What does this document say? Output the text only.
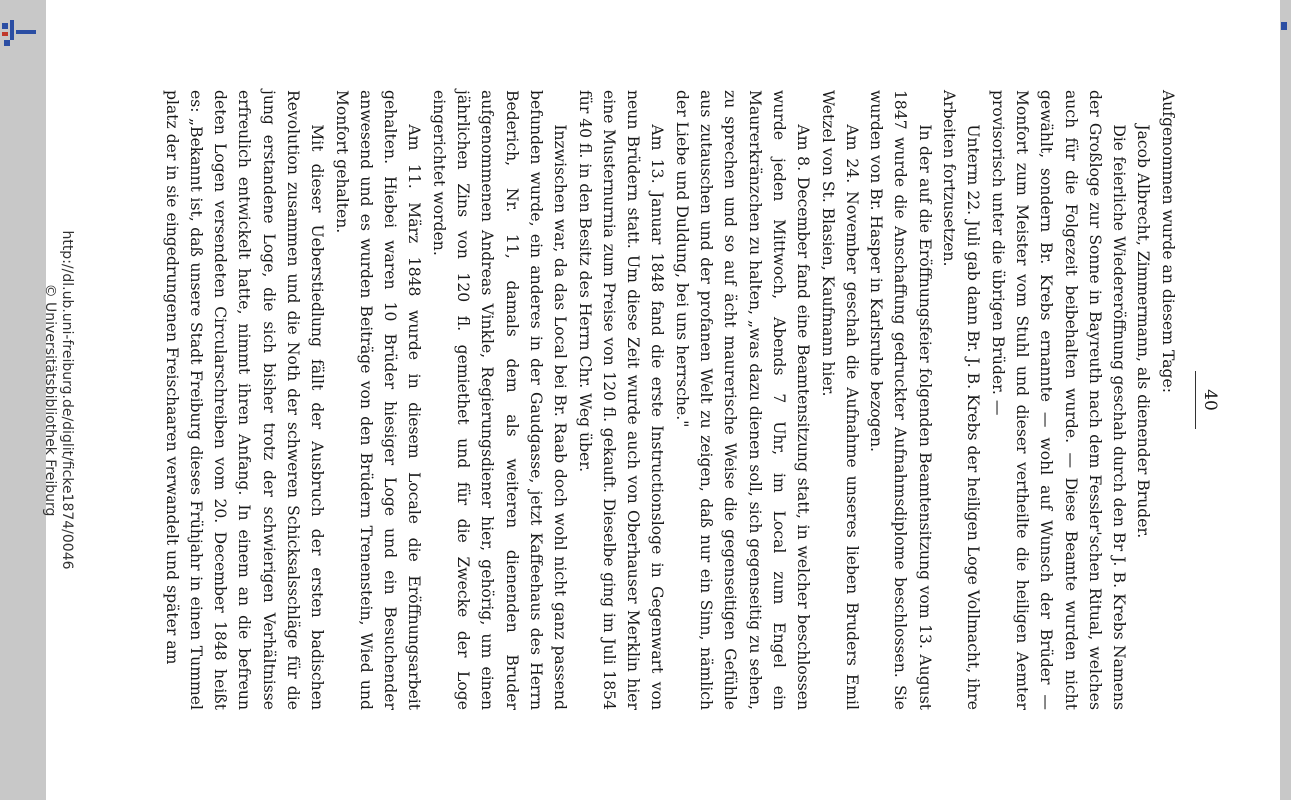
http://dl.ub.uni-freiburg.de/diglit/ficke1874/0046
© Universitätsbibliothek Freiburg	40

Aufgenommen wurde an diesem Tage:

Jacob Albrecht, Zimmermann, als dienender Bruder.

Die feierliche Wiedereröffnung geschah durch den Br J. B. Krebs Namens der Großloge zur Sonne in Bayreuth nach dem Fessler'schen Ritual, welches auch für die Folgezeit beibehalten wurde. — Diese Beamte wurden nicht gewählt, sondern Br. Krebs ernannte — wohl auf Wunsch der Brüder — Monfort zum Meister vom Stuhl und dieser vertheilte die heiligen Aemter provisorisch unter die übrigen Brüder. —

Unterm 22. Juli gab dann Br. J. B. Krebs der heiligen Loge Vollmacht, ihre Arbeiten fortzusetzen.

In der auf die Eröffnungsfeier folgenden Beamtensitzung vom 13. August 1847 wurde die Anschaffung gedruckter Aufnahmsdiplome beschlossen. Sie wurden von Br. Hasper in Karlsruhe bezogen.

Am 24. November geschah die Aufnahme unseres lieben Bruders Emil Wetzel von St. Blasien, Kaufmann hier.

Am 8. December fand eine Beamtensitzung statt, in welcher beschlossen wurde jeden Mittwoch, Abends 7 Uhr, im Local zum Engel ein Maurerkränzchen zu halten, „was dazu dienen soll, sich gegenseitig zu sehen, zu sprechen und so auf ächt maurerische Weise die gegenseitigen Gefühle aus zutauschen und der profanen Welt zu zeigen, daß nur ein Sinn, nämlich der Liebe und Duldung, bei uns herrsche."

Am 13. Januar 1848 fand die erste Instructionsloge in Gegenwart von neun Brüdern statt. Um diese Zeit wurde auch von Oberhauser Merklin hier eine Musternurnia zum Preise von 120 fl. gekauft. Dieselbe ging im Juli 1854 für 40 fl. in den Besitz des Herrn Chr. Weg über.

Inzwischen war, da das Local bei Br. Raab doch wohl nicht ganz passend befunden wurde, ein anderes in der Gaudgasse, jetzt Kaffeehaus des Herrn Bederich, Nr. 11, damals dem als weiteren dienenden Bruder aufgenommenen Andreas Vinkle, Regierungsdiener hier, gehörig, um einen jährlichen Zins von 120 fl. gemiethet und für die Zwecke der Loge eingerichtet worden.

Am 11. März 1848 wurde in diesem Locale die Eröffnungsarbeit gehalten. Hiebei waren 10 Brüder hiesiger Loge und ein Besuchender anwesend und es wurden Beiträge von den Brüdern Trenenstein, Wied und Monfort gehalten.

Mit dieser Ueberstiedlung fällt der Ausbruch der ersten badischen Revolution zusammen und die Noth der schweren Schicksalsschläge für die jung erstandene Loge, die sich bisher trotz der schwierigen Verhältnisse erfreulich entwickelt hatte, nimmt ihren Anfang. In einem an die befreun deten Logen versendeten Circularschreiben vom 20. December 1848 heißt es: „Bekannt ist, daß unsere Stadt Freiburg dieses Frühjahr in einen Tummel platz der in sie eingedrungenen Freischaaren verwandelt und später am
